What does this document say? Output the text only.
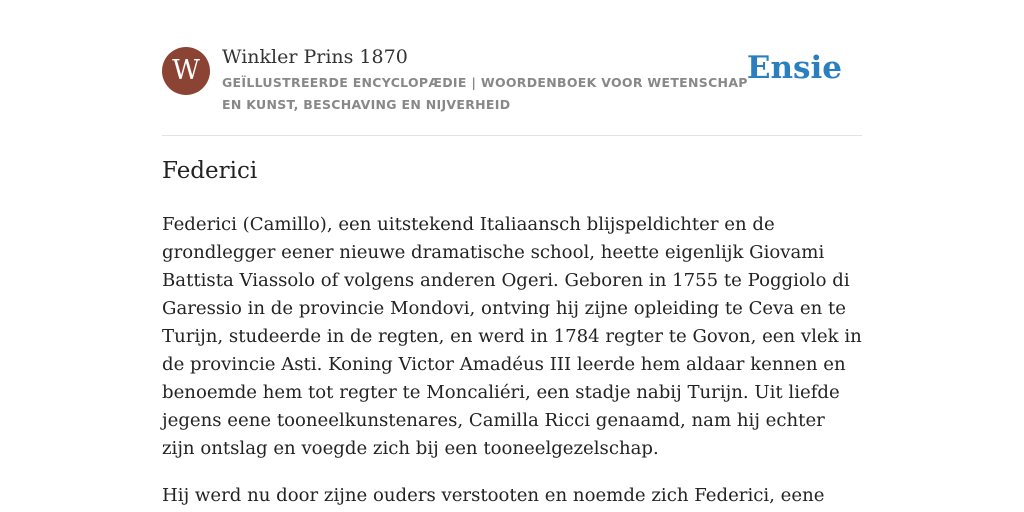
W	Winkler Prins 1870
GEÏLLUSTREERDE ENCYCLOPÆDIE | WOORDENBOEK VOOR WETENSCHAP EN KUNST, BESCHAVING EN NIJVERHEID
Ensie
Federici

Federici (Camillo), een uitstekend Italiaansch blijspeldichter en de grondlegger eener nieuwe dramatische school, heette eigenlijk Giovami Battista Viassolo of volgens anderen Ogeri. Geboren in 1755 te Poggiolo di Garessio in de provincie Mondovi, ontving hij zijne opleiding te Ceva en te Turijn, studeerde in de regten, en werd in 1784 regter te Govon, een vlek in de provincie Asti. Koning Victor Amadéus III leerde hem aldaar kennen en benoemde hem tot regter te Moncaliéri, een stadje nabij Turijn. Uit liefde jegens eene tooneelkunstenares, Camilla Ricci genaamd, nam hij echter zijn ontslag en voegde zich bij een tooneelgezelschap.

Hij werd nu door zijne ouders verstooten en noemde zich Federici, eene
